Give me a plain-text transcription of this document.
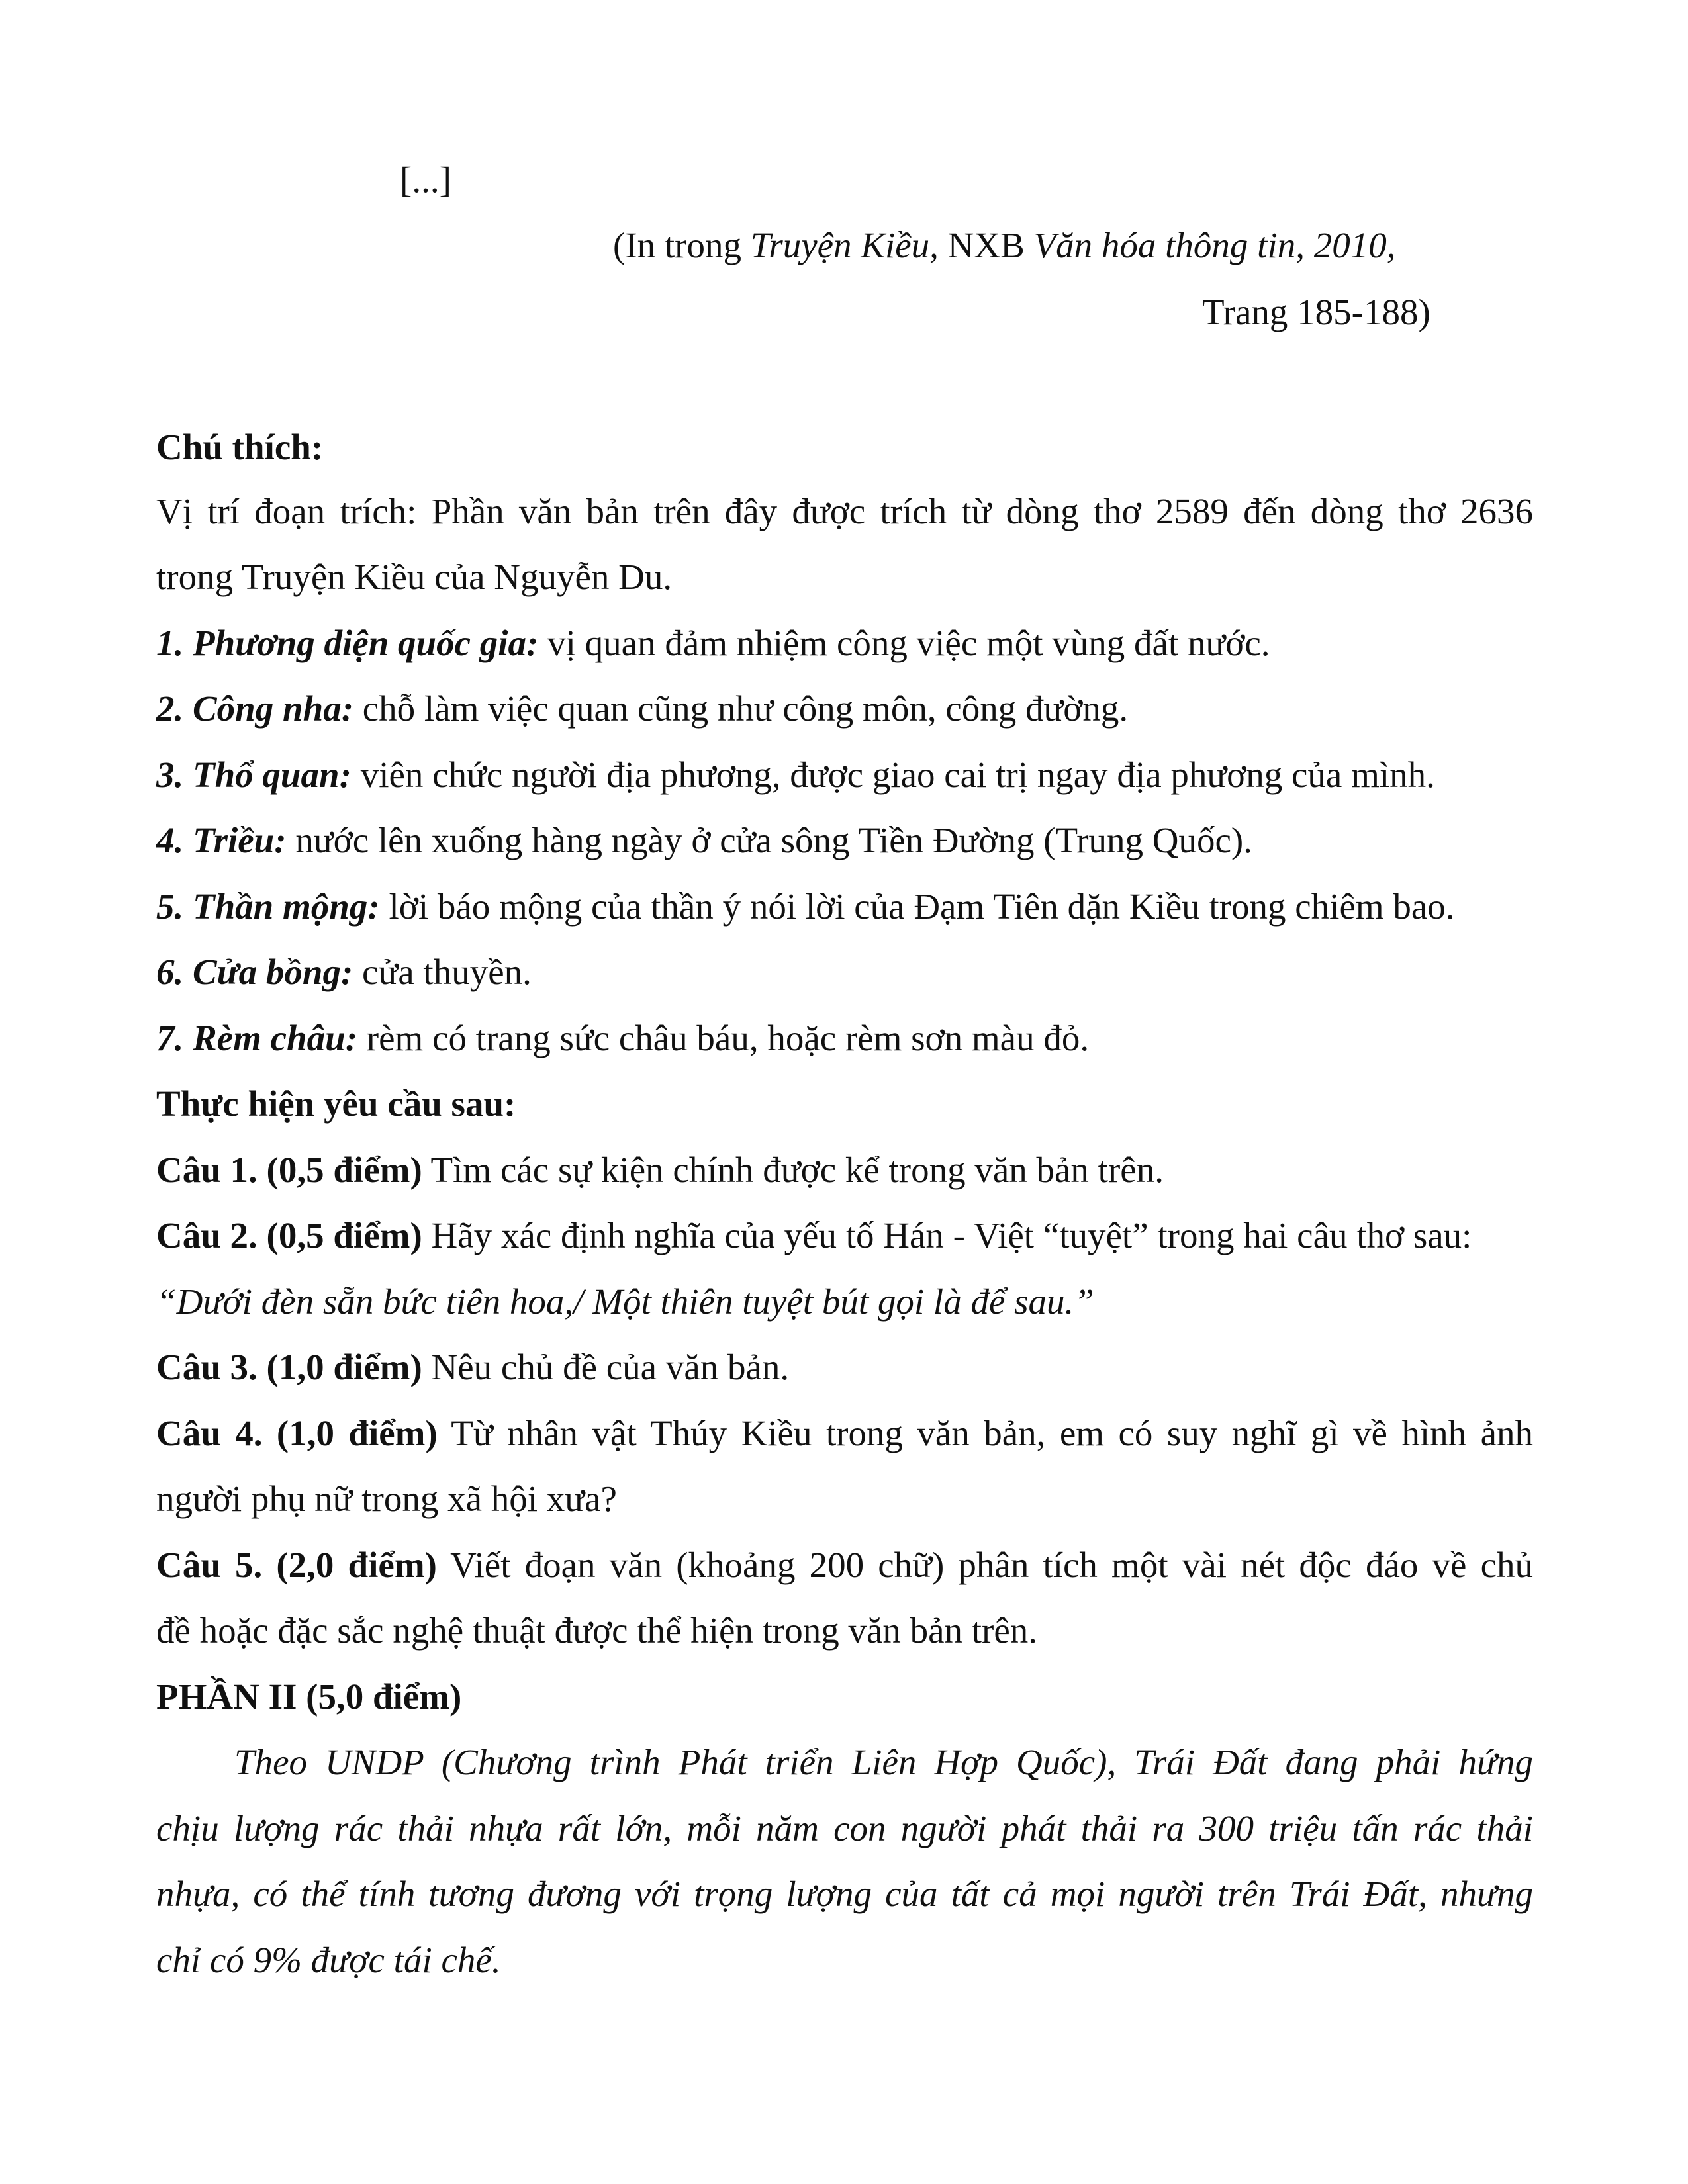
[...]
(In trong Truyện Kiều, NXB Văn hóa thông tin, 2010,
Trang 185-188)
Chú thích:
Vị trí đoạn trích: Phần văn bản trên đây được trích từ dòng thơ 2589 đến dòng thơ 2636
trong Truyện Kiều của Nguyễn Du.
1. Phương diện quốc gia: vị quan đảm nhiệm công việc một vùng đất nước.
2. Công nha: chỗ làm việc quan cũng như công môn, công đường.
3. Thổ quan: viên chức người địa phương, được giao cai trị ngay địa phương của mình.
4. Triều: nước lên xuống hàng ngày ở cửa sông Tiền Đường (Trung Quốc).
5. Thần mộng: lời báo mộng của thần ý nói lời của Đạm Tiên dặn Kiều trong chiêm bao.
6. Cửa bồng: cửa thuyền.
7. Rèm châu: rèm có trang sức châu báu, hoặc rèm sơn màu đỏ.
Thực hiện yêu cầu sau:
Câu 1. (0,5 điểm) Tìm các sự kiện chính được kể trong văn bản trên.
Câu 2. (0,5 điểm) Hãy xác định nghĩa của yếu tố Hán - Việt “tuyệt” trong hai câu thơ sau:
“Dưới đèn sẵn bức tiên hoa,/ Một thiên tuyệt bút gọi là để sau.”
Câu 3. (1,0 điểm) Nêu chủ đề của văn bản.
Câu 4. (1,0 điểm) Từ nhân vật Thúy Kiều trong văn bản, em có suy nghĩ gì về hình ảnh
người phụ nữ trong xã hội xưa?
Câu 5. (2,0 điểm) Viết đoạn văn (khoảng 200 chữ) phân tích một vài nét độc đáo về chủ
đề hoặc đặc sắc nghệ thuật được thể hiện trong văn bản trên.
PHẦN II (5,0 điểm)
Theo UNDP (Chương trình Phát triển Liên Hợp Quốc), Trái Đất đang phải hứng
chịu lượng rác thải nhựa rất lớn, mỗi năm con người phát thải ra 300 triệu tấn rác thải
nhựa, có thể tính tương đương với trọng lượng của tất cả mọi người trên Trái Đất, nhưng
chỉ có 9% được tái chế.
